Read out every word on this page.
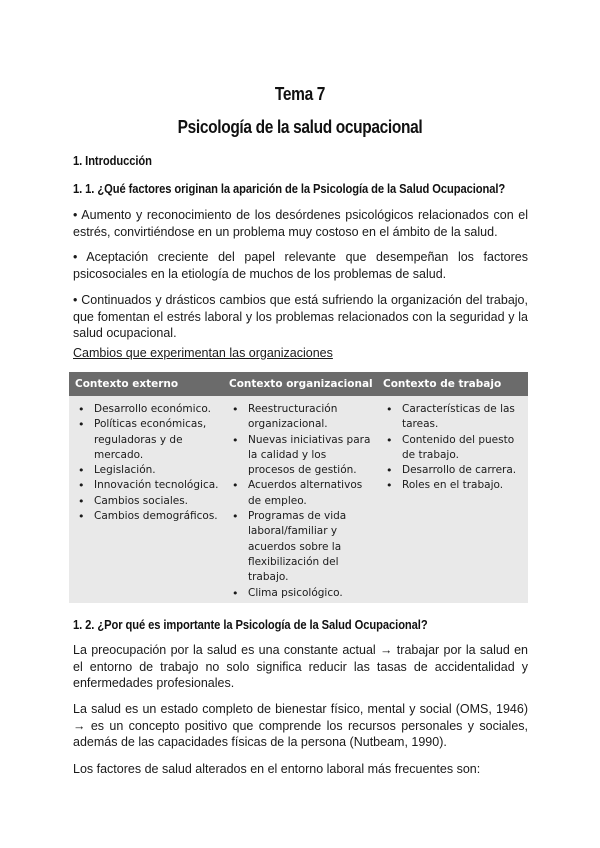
Tema 7
Psicología de la salud ocupacional
1. Introducción
1. 1. ¿Qué factores originan la aparición de la Psicología de la Salud Ocupacional?
• Aumento y reconocimiento de los desórdenes psicológicos relacionados con el estrés, convirtiéndose en un problema muy costoso en el ámbito de la salud.
• Aceptación creciente del papel relevante que desempeñan los factores psicosociales en la etiología de muchos de los problemas de salud.
• Continuados y drásticos cambios que está sufriendo la organización del trabajo, que fomentan el estrés laboral y los problemas relacionados con la seguridad y la salud ocupacional.
Cambios que experimentan las organizaciones
Contexto externo	Contexto organizacional Contexto de trabajo
• Desarrollo económico.
• Políticas económicas, reguladoras y de mercado.
• Legislación.
• Innovación tecnológica.
• Cambios sociales.
• Cambios demográficos.
• Reestructuración organizacional.
• Nuevas iniciativas para la calidad y los procesos de gestión.
• Acuerdos alternativos de empleo.
• Programas de vida laboral/familiar y acuerdos sobre la flexibilización del trabajo.
• Clima psicológico.
• Características de las tareas.
• Contenido del puesto de trabajo.
• Desarrollo de carrera.
• Roles en el trabajo.
1. 2. ¿Por qué es importante la Psicología de la Salud Ocupacional?
La preocupación por la salud es una constante actual → trabajar por la salud en el entorno de trabajo no solo significa reducir las tasas de accidentalidad y enfermedades profesionales.
La salud es un estado completo de bienestar físico, mental y social (OMS, 1946) → es un concepto positivo que comprende los recursos personales y sociales, además de las capacidades físicas de la persona (Nutbeam, 1990).
Los factores de salud alterados en el entorno laboral más frecuentes son:
